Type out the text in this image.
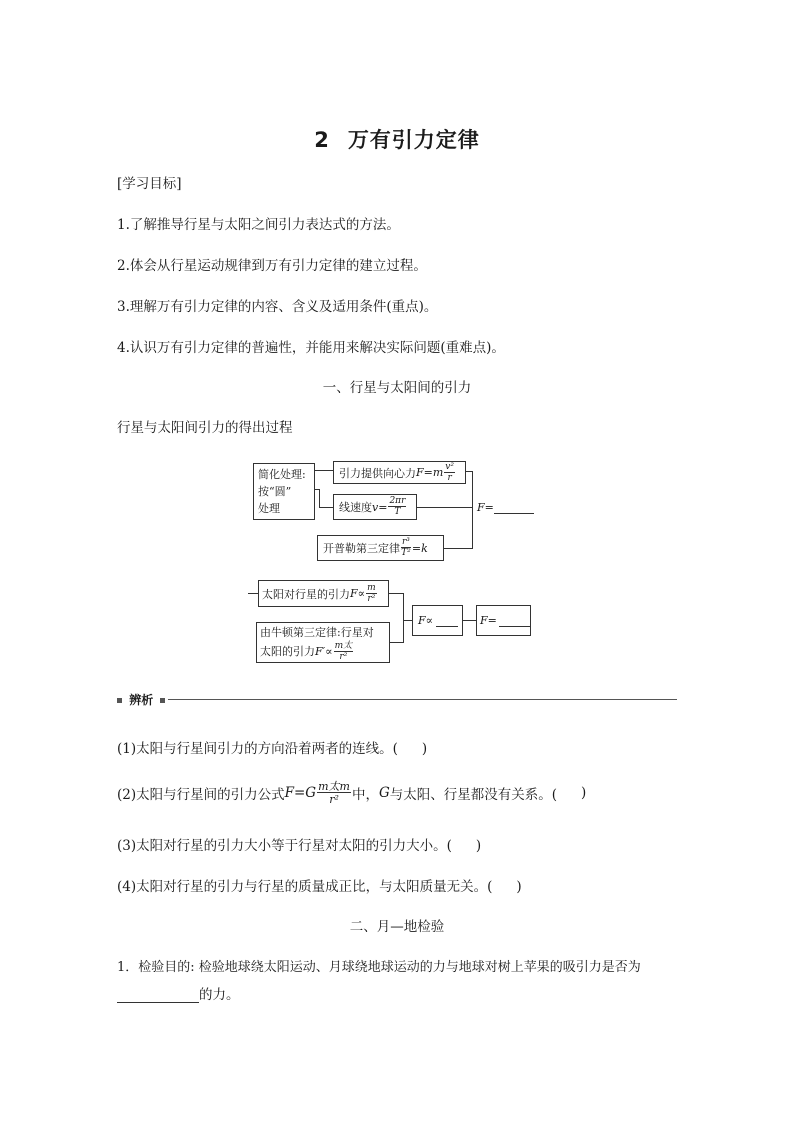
2 万有引力定律
[学习目标]
1.了解推导行星与太阳之间引力表达式的方法。
2.体会从行星运动规律到万有引力定律的建立过程。
3.理解万有引力定律的内容、含义及适用条件(重点)。
4.认识万有引力定律的普遍性，并能用来解决实际问题(重难点)。
一、行星与太阳间的引力
行星与太阳间引力的得出过程
简化处理:
按“圆”
处理
引力提供向心力 $F=m \frac{\text{v²}}{r}$
线速度 $v= \frac{2\pi r}{T}$
开普勒第三定律 $\frac{\text{r³}}{\text{T²}} =k$
F=
太阳对行星的引力 $F\propto \frac{m}{\text{r²}}$
由牛顿第三定律:行星对
太阳的引力$F'\propto \frac{\text{m太}}{\text{r²}}$
F∝	F=
辨析
(1)太阳与行星间引力的方向沿着两者的连线。( )
(2)太阳与行星间的引力公式 $F=G \frac{\text{m太m}}{\text{r²}}$ 中， G 与太阳、行星都没有关系。( )
(3)太阳对行星的引力大小等于行星对太阳的引力大小。( )
(4)太阳对行星的引力与行星的质量成正比，与太阳质量无关。( )
二、月—地检验
1．检验目的: 检验地球绕太阳运动、月球绕地球运动的力与地球对树上苹果的吸引力是否为
的力。
